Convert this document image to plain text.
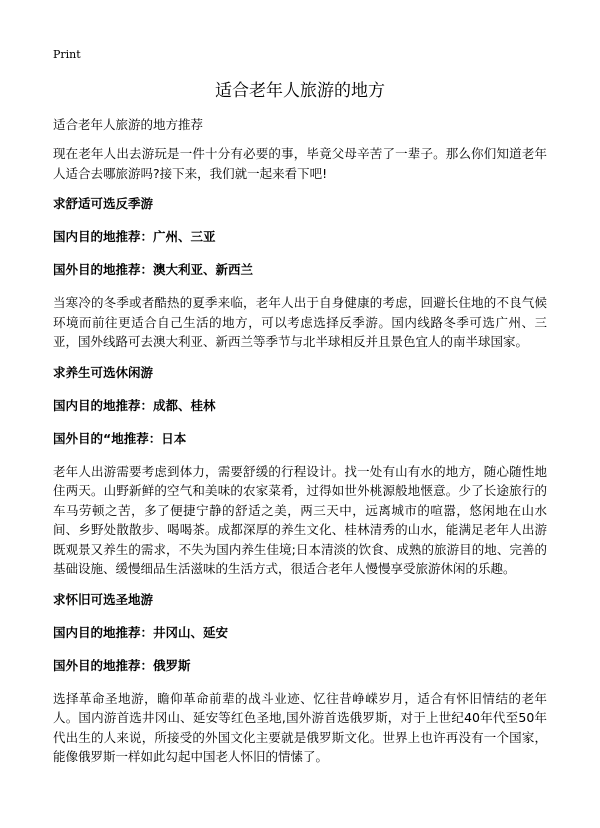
Print
适合老年人旅游的地方

适合老年人旅游的地方推荐

现在老年人出去游玩是一件十分有必要的事，毕竟父母辛苦了一辈子。那么你们知道老年人适合去哪旅游吗?接下来，我们就一起来看下吧!

求舒适可选反季游

国内目的地推荐：广州、三亚

国外目的地推荐：澳大利亚、新西兰

当寒冷的冬季或者酷热的夏季来临，老年人出于自身健康的考虑，回避长住地的不良气候环境而前往更适合自己生活的地方，可以考虑选择反季游。国内线路冬季可选广州、三亚，国外线路可去澳大利亚、新西兰等季节与北半球相反并且景色宜人的南半球国家。

求养生可选休闲游

国内目的地推荐：成都、桂林

国外目的“地推荐：日本

老年人出游需要考虑到体力，需要舒缓的行程设计。找一处有山有水的地方，随心随性地住两天。山野新鲜的空气和美味的农家菜肴，过得如世外桃源般地惬意。少了长途旅行的车马劳顿之苦，多了便捷宁静的舒适之美，两三天中，远离城市的喧嚣，悠闲地在山水间、乡野处散散步、喝喝茶。成都深厚的养生文化、桂林清秀的山水，能满足老年人出游既观景又养生的需求，不失为国内养生佳境;日本清淡的饮食、成熟的旅游目的地、完善的基础设施、缓慢细品生活滋味的生活方式，很适合老年人慢慢享受旅游休闲的乐趣。

求怀旧可选圣地游

国内目的地推荐：井冈山、延安

国外目的地推荐：俄罗斯

选择革命圣地游，瞻仰革命前辈的战斗业迹、忆往昔峥嵘岁月，适合有怀旧情结的老年人。国内游首选井冈山、延安等红色圣地,国外游首选俄罗斯，对于上世纪40年代至50年代出生的人来说，所接受的外国文化主要就是俄罗斯文化。世界上也许再没有一个国家，能像俄罗斯一样如此勾起中国老人怀旧的情愫了。
